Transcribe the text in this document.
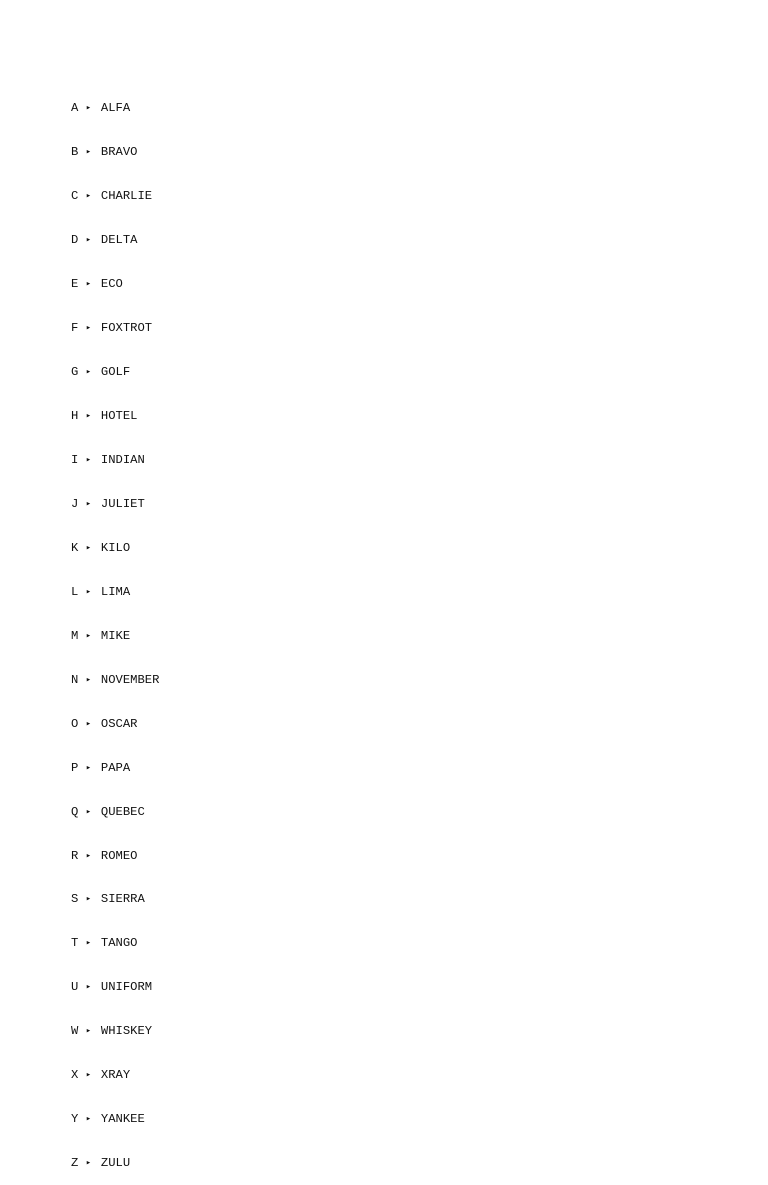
A ▸ ALFA

B ▸ BRAVO

C ▸ CHARLIE

D ▸ DELTA

E ▸ ECO

F ▸ FOXTROT

G ▸ GOLF

H ▸ HOTEL

I ▸ INDIAN

J ▸ JULIET

K ▸ KILO

L ▸ LIMA

M ▸ MIKE

N ▸ NOVEMBER

O ▸ OSCAR

P ▸ PAPA

Q ▸ QUEBEC

R ▸ ROMEO

S ▸ SIERRA

T ▸ TANGO

U ▸ UNIFORM

W ▸ WHISKEY

X ▸ XRAY

Y ▸ YANKEE

Z ▸ ZULU
